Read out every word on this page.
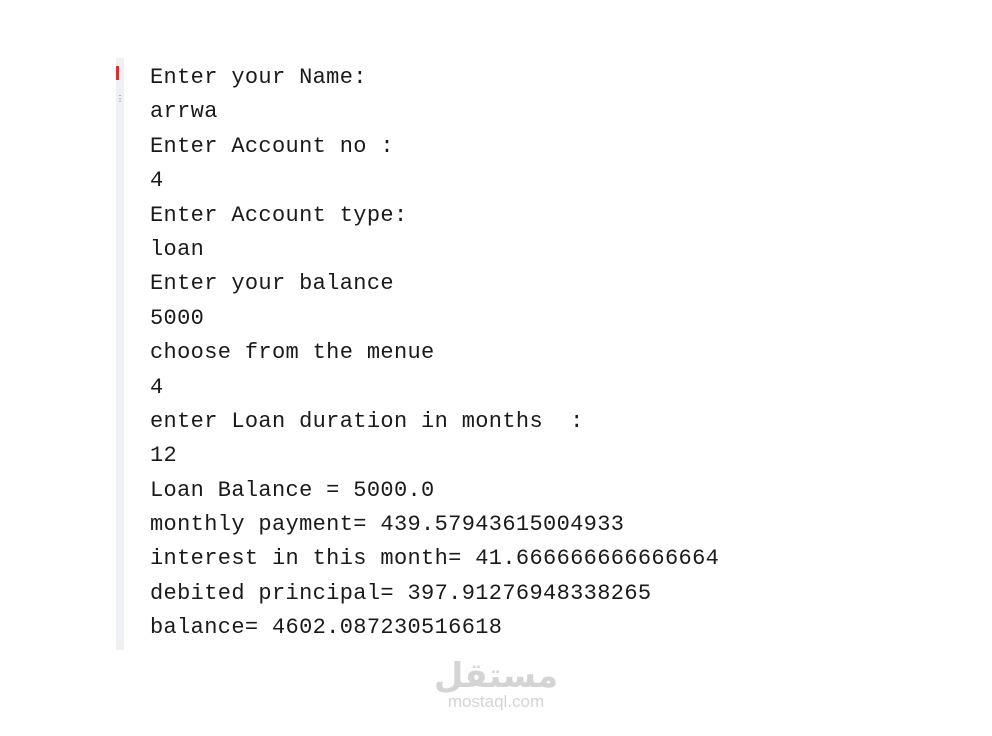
⋮
Enter your Name:
arrwa
Enter Account no :
4
Enter Account type:
loan
Enter your balance
5000
choose from the menue
4
enter Loan duration in months  :
12
Loan Balance = 5000.0
monthly payment= 439.57943615004933
interest in this month= 41.666666666666664
debited principal= 397.91276948338265
balance= 4602.087230516618
مستقل
mostaql.com
